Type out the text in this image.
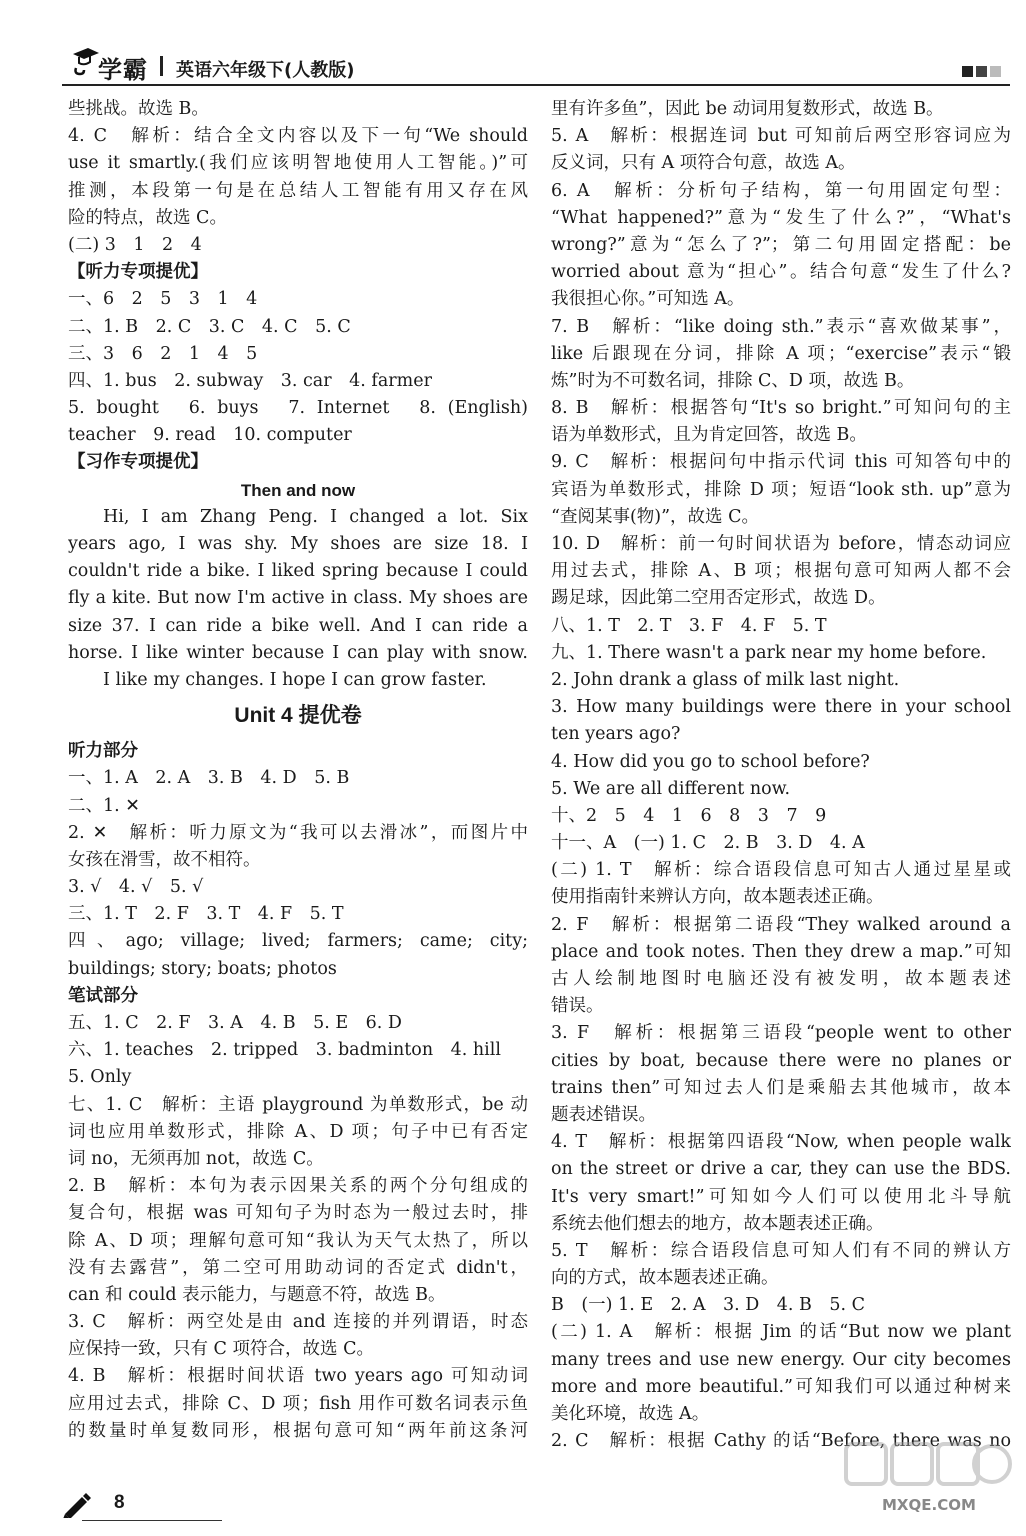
学霸 英语六年级下(人教版)
些挑战。故选 B。
4. C　解析：结合全文内容以及下一句“We should
use it smartly.(我们应该明智地使用人工智能。)”可
推测，本段第一句是在总结人工智能有用又存在风
险的特点，故选 C。
(二) 3　1　2　4
【听力专项提优】
一、6　2　5　3　1　4
二、1. B　2. C　3. C　4. C　5. C
三、3　6　2　1　4　5
四、1. bus　2. subway　3. car　4. farmer
5. bought　6. buys　7. Internet　8. (English)
teacher　9. read　10. computer
【习作专项提优】
Then and now
Hi, I am Zhang Peng. I changed a lot. Six
years ago, I was shy. My shoes are size 18. I
couldn't ride a bike. I liked spring because I could
fly a kite. But now I'm active in class. My shoes are
size 37. I can ride a bike well. And I can ride a
horse. I like winter because I can play with snow.
I like my changes. I hope I can grow faster.
Unit 4 提优卷
听力部分
一、1. A　2. A　3. B　4. D　5. B
二、1. ✕
2. ✕　解析：听力原文为“我可以去滑冰”，而图片中
女孩在滑雪，故不相符。
3. √　4. √　5. √
三、1. T　2. F　3. T　4. F　5. T
四、ago; village; lived; farmers; came; city;
buildings; story; boats; photos
笔试部分
五、1. C　2. F　3. A　4. B　5. E　6. D
六、1. teaches　2. tripped　3. badminton　4. hill
5. Only
七、1. C　解析：主语 playground 为单数形式，be 动
词也应用单数形式，排除 A、D 项；句子中已有否定
词 no，无须再加 not，故选 C。
2. B　解析：本句为表示因果关系的两个分句组成的
复合句，根据 was 可知句子为时态为一般过去时，排
除 A、D 项；理解句意可知“我认为天气太热了，所以
没有去露营”，第二空可用助动词的否定式 didn't，
can 和 could 表示能力，与题意不符，故选 B。
3. C　解析：两空处是由 and 连接的并列谓语，时态
应保持一致，只有 C 项符合，故选 C。
4. B　解析：根据时间状语 two years ago 可知动词
应用过去式，排除 C、D 项；fish 用作可数名词表示鱼
的数量时单复数同形，根据句意可知“两年前这条河
里有许多鱼”，因此 be 动词用复数形式，故选 B。
5. A　解析：根据连词 but 可知前后两空形容词应为
反义词，只有 A 项符合句意，故选 A。
6. A　解析：分析句子结构，第一句用固定句型：
“What happened?”意为“发生了什么?”，“What's
wrong?”意为“怎么了?”；第二句用固定搭配：be
worried about 意为“担心”。结合句意“发生了什么?
我很担心你。”可知选 A。
7. B　解析：“like doing sth.”表示“喜欢做某事”，
like 后跟现在分词，排除 A 项；“exercise”表示“锻
炼”时为不可数名词，排除 C、D 项，故选 B。
8. B　解析：根据答句“It's so bright.”可知问句的主
语为单数形式，且为肯定回答，故选 B。
9. C　解析：根据问句中指示代词 this 可知答句中的
宾语为单数形式，排除 D 项；短语“look sth. up”意为
“查阅某事(物)”，故选 C。
10. D　解析：前一句时间状语为 before，情态动词应
用过去式，排除 A、B 项；根据句意可知两人都不会
踢足球，因此第二空用否定形式，故选 D。
八、1. T　2. T　3. F　4. F　5. T
九、1. There wasn't a park near my home before.
2. John drank a glass of milk last night.
3. How many buildings were there in your school
ten years ago?
4. How did you go to school before?
5. We are all different now.
十、2　5　4　1　6　8　3　7　9
十一、A　(一) 1. C　2. B　3. D　4. A
(二) 1. T　解析：综合语段信息可知古人通过星星或
使用指南针来辨认方向，故本题表述正确。
2. F　解析：根据第二语段“They walked around a
place and took notes. Then they drew a map.”可知
古人绘制地图时电脑还没有被发明，故本题表述
错误。
3. F　解析：根据第三语段“people went to other
cities by boat, because there were no planes or
trains then”可知过去人们是乘船去其他城市，故本
题表述错误。
4. T　解析：根据第四语段“Now, when people walk
on the street or drive a car, they can use the BDS.
It's very smart!”可知如今人们可以使用北斗导航
系统去他们想去的地方，故本题表述正确。
5. T　解析：综合语段信息可知人们有不同的辨认方
向的方式，故本题表述正确。
B　(一) 1. E　2. A　3. D　4. B　5. C
(二) 1. A　解析：根据 Jim 的话“But now we plant
many trees and use new energy. Our city becomes
more and more beautiful.”可知我们可以通过种树来
美化环境，故选 A。
2. C　解析：根据 Cathy 的话“Before, there was no
8	MXQE.COM
